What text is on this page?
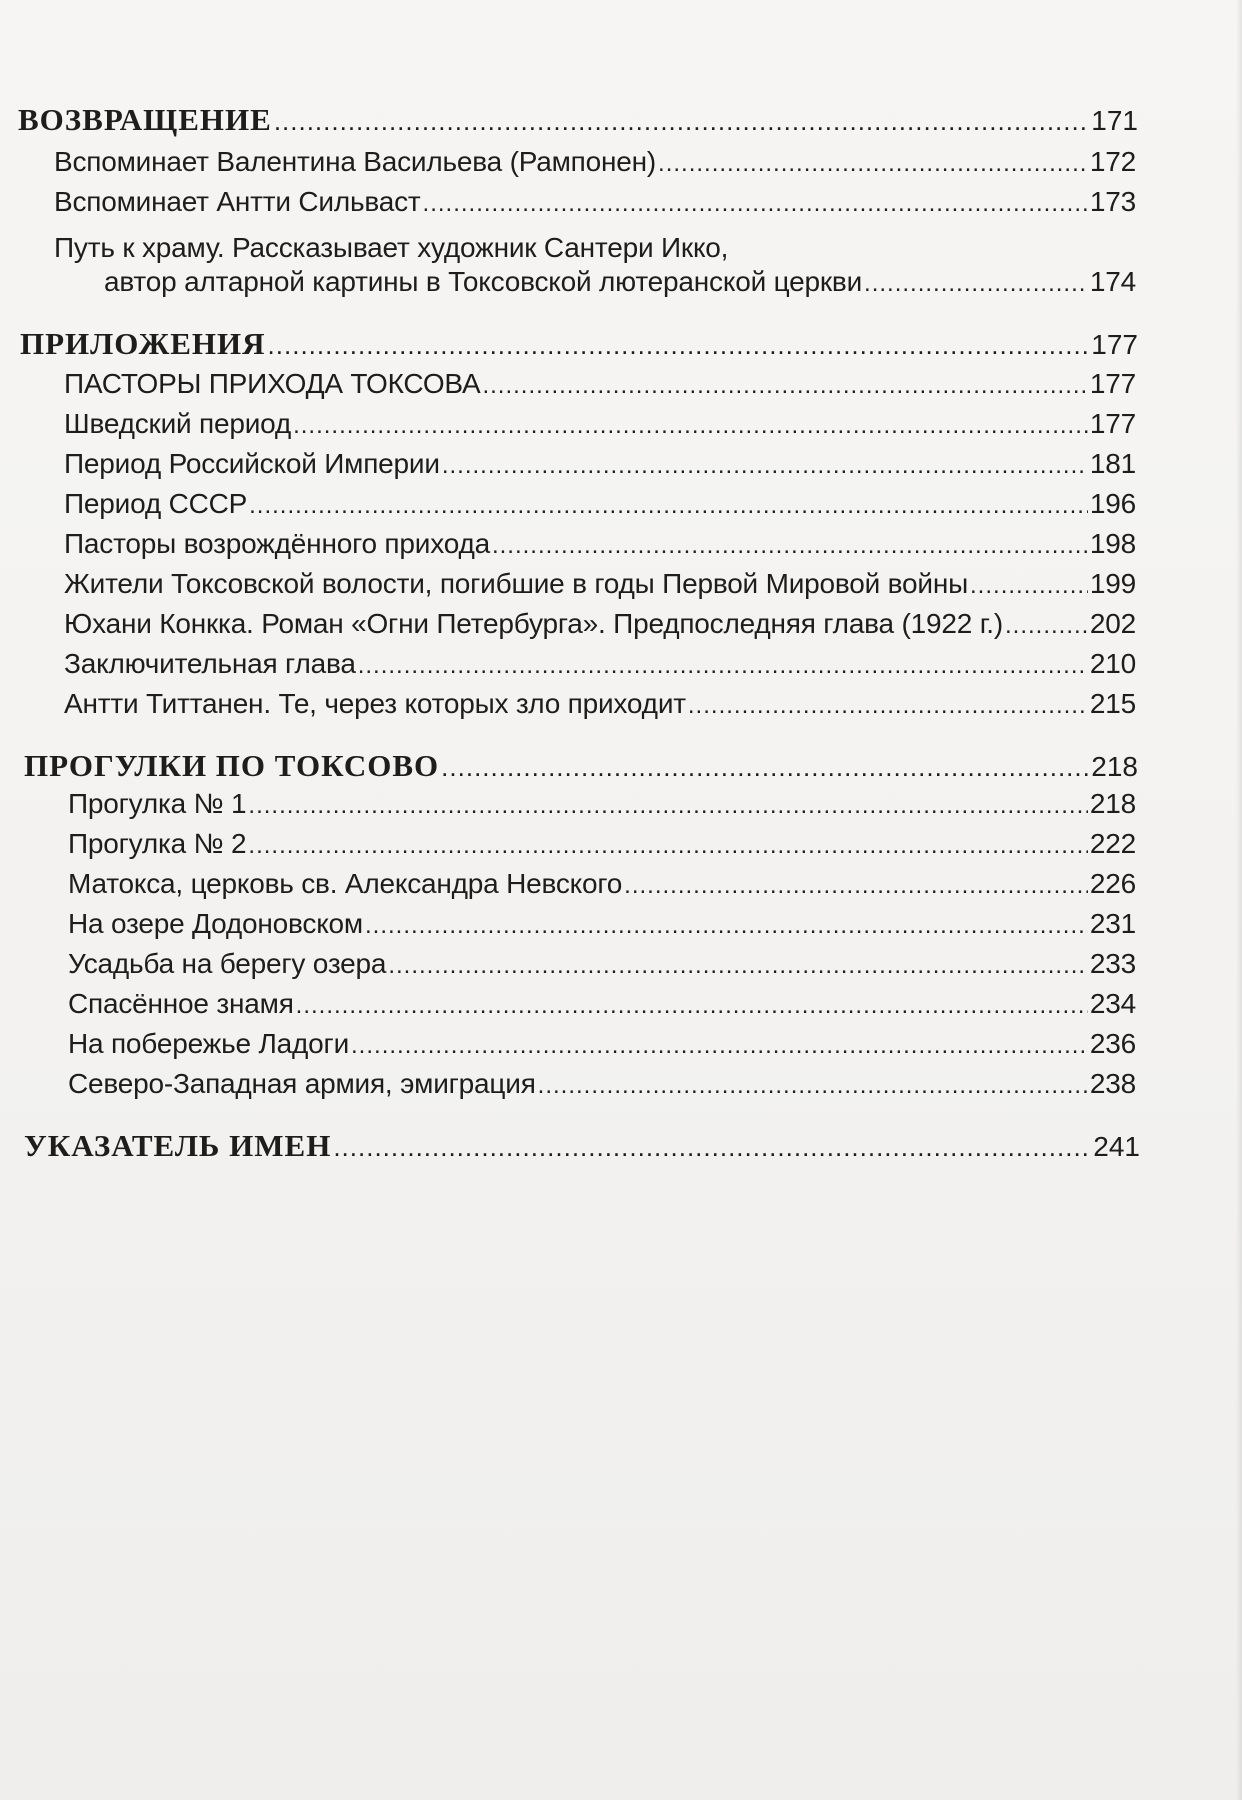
ВОЗВРАЩЕНИЕ .....	171
Вспоминает Валентина Васильева (Рампонен) .....	172
Вспоминает Антти Сильваст .....	173
Путь к храму. Рассказывает художник Сантери Икко,
автор алтарной картины в Токсовской лютеранской церкви .....	174
ПРИЛОЖЕНИЯ .....	177
ПАСТОРЫ ПРИХОДА ТОКСОВА .....	177
Шведский период .....	177
Период Российской Империи .....	181
Период СССР .....	196
Пасторы возрождённого прихода .....	198
Жители Токсовской волости, погибшие в годы Первой Мировой войны .....	199
Юхани Конкка. Роман «Огни Петербурга». Предпоследняя глава (1922 г.) .....	202
Заключительная глава .....	210
Антти Титтанен. Те, через которых зло приходит .....	215
ПРОГУЛКИ ПО ТОКСОВО .....	218
Прогулка № 1 .....	218
Прогулка № 2 .....	222
Матокса, церковь св. Александра Невского .....	226
На озере Додоновском .....	231
Усадьба на берегу озера .....	233
Спасённое знамя .....	234
На побережье Ладоги .....	236
Северо-Западная армия, эмиграция .....	238
УКАЗАТЕЛЬ ИМЕН .....	241
